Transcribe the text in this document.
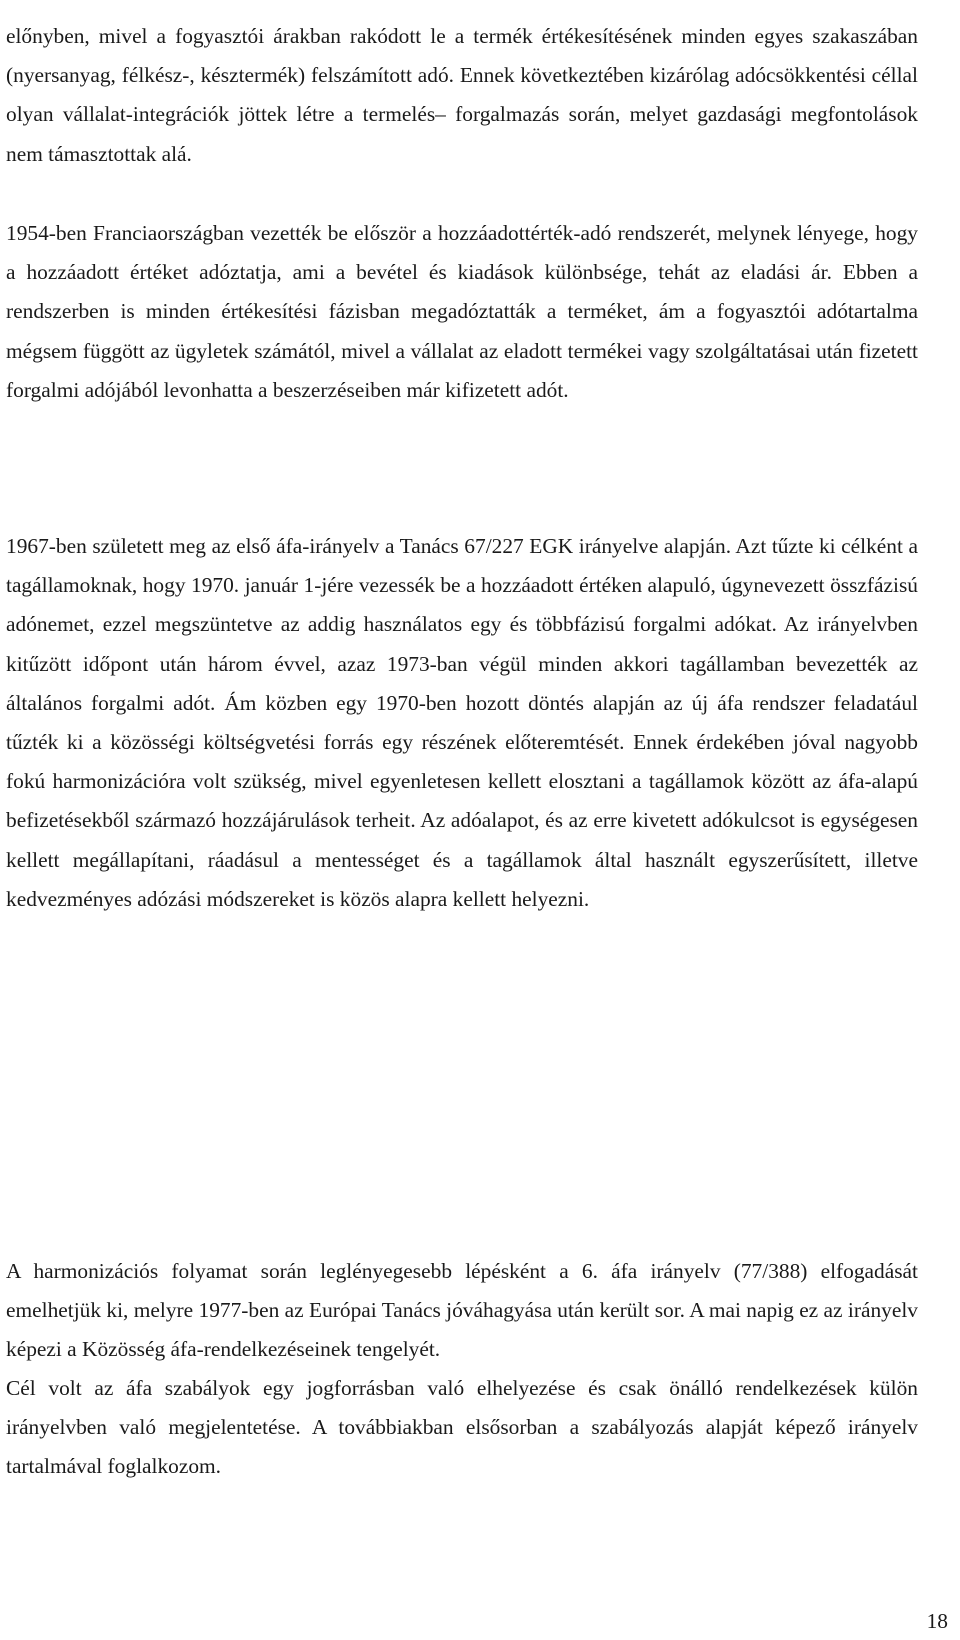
előnyben, mivel a fogyasztói árakban rakódott le a termék értékesítésének minden egyes szakaszában (nyersanyag, félkész-, késztermék) felszámított adó. Ennek következtében kizárólag adócsökkentési céllal olyan vállalat-integrációk jöttek létre a termelés– forgalmazás során, melyet gazdasági megfontolások nem támasztottak alá.

1954-ben Franciaországban vezették be először a hozzáadottérték-adó rendszerét, melynek lényege, hogy a hozzáadott értéket adóztatja, ami a bevétel és kiadások különbsége, tehát az eladási ár. Ebben a rendszerben is minden értékesítési fázisban megadóztatták a terméket, ám a fogyasztói adótartalma mégsem függött az ügyletek számától, mivel a vállalat az eladott termékei vagy szolgáltatásai után fizetett forgalmi adójából levonhatta a beszerzéseiben már kifizetett adót.

1967-ben született meg az első áfa-irányelv a Tanács 67/227 EGK irányelve alapján. Azt tűzte ki célként a tagállamoknak, hogy 1970. január 1-jére vezessék be a hozzáadott értéken alapuló, úgynevezett összfázisú adónemet, ezzel megszüntetve az addig használatos egy és többfázisú forgalmi adókat. Az irányelvben kitűzött időpont után három évvel, azaz 1973-ban végül minden akkori tagállamban bevezették az általános forgalmi adót. Ám közben egy 1970-ben hozott döntés alapján az új áfa rendszer feladatául tűzték ki a közösségi költségvetési forrás egy részének előteremtését. Ennek érdekében jóval nagyobb fokú harmonizációra volt szükség, mivel egyenletesen kellett elosztani a tagállamok között az áfa-alapú befizetésekből származó hozzájárulások terheit. Az adóalapot, és az erre kivetett adókulcsot is egységesen kellett megállapítani, ráadásul a mentességet és a tagállamok által használt egyszerűsített, illetve kedvezményes adózási módszereket is közös alapra kellett helyezni.

A harmonizációs folyamat során leglényegesebb lépésként a 6. áfa irányelv (77/388) elfogadását emelhetjük ki, melyre 1977-ben az Európai Tanács jóváhagyása után került sor. A mai napig ez az irányelv képezi a Közösség áfa-rendelkezéseinek tengelyét.

Cél volt az áfa szabályok egy jogforrásban való elhelyezése és csak önálló rendelkezések külön irányelvben való megjelentetése. A továbbiakban elsősorban a szabályozás alapját képező irányelv tartalmával foglalkozom.

18
